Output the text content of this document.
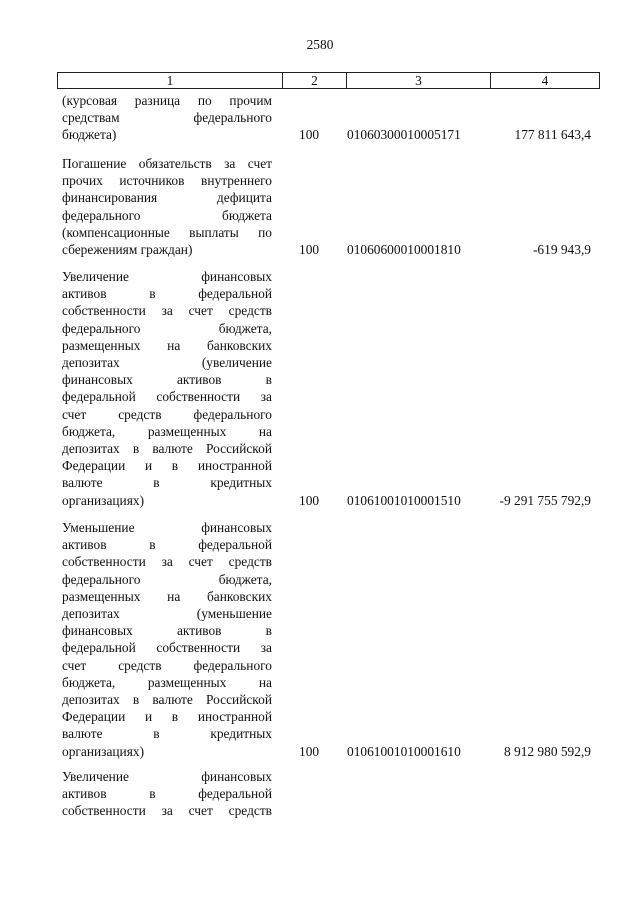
2580
1	2	3	4
(курсовая разница по прочим
средствам федерального
бюджета)	100	01060300010005171	177 811 643,4
Погашение обязательств за счет
прочих источников внутреннего
финансирования дефицита
федерального бюджета
(компенсационные выплаты по
сбережениям граждан)	100	01060600010001810	-619 943,9
Увеличение финансовых
активов в федеральной
собственности за счет средств
федерального бюджета,
размещенных на банковских
депозитах (увеличение
финансовых активов в
федеральной собственности за
счет средств федерального
бюджета, размещенных на
депозитах в валюте Российской
Федерации и в иностранной
валюте в кредитных
организациях)	100	01061001010001510	-9 291 755 792,9
Уменьшение финансовых
активов в федеральной
собственности за счет средств
федерального бюджета,
размещенных на банковских
депозитах (уменьшение
финансовых активов в
федеральной собственности за
счет средств федерального
бюджета, размещенных на
депозитах в валюте Российской
Федерации и в иностранной
валюте в кредитных
организациях)	100	01061001010001610	8 912 980 592,9
Увеличение финансовых
активов в федеральной
собственности за счет средств
